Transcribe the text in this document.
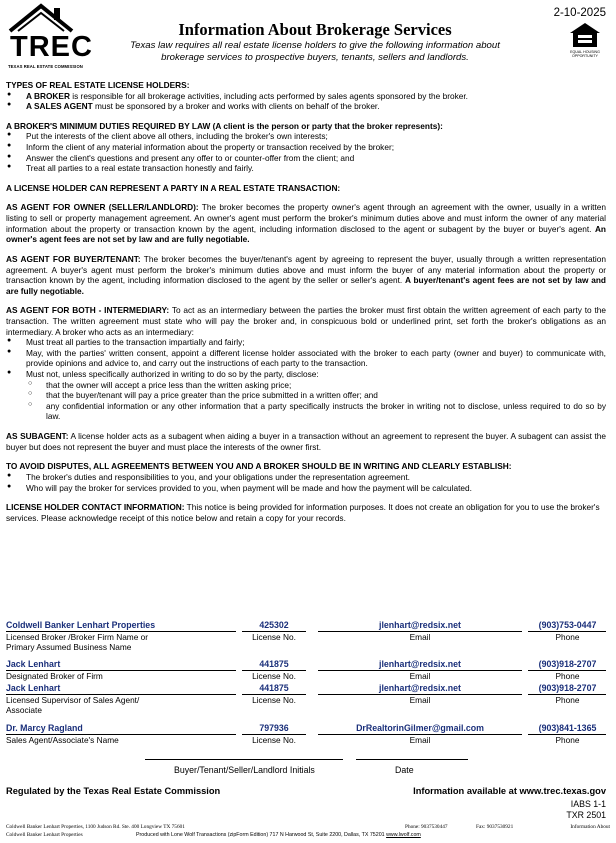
TREC
TEXAS REAL ESTATE COMMISSION
2-10-2025
Information About Brokerage Services
Texas law requires all real estate license holders to give the following information about
brokerage services to prospective buyers, tenants, sellers and landlords.	EQUAL HOUSING
OPPORTUNITY
TYPES OF REAL ESTATE LICENSE HOLDERS:
● A BROKER is responsible for all brokerage activities, including acts performed by sales agents sponsored by the broker.
● A SALES AGENT must be sponsored by a broker and works with clients on behalf of the broker.
A BROKER'S MINIMUM DUTIES REQUIRED BY LAW (A client is the person or party that the broker represents):
● Put the interests of the client above all others, including the broker's own interests;
● Inform the client of any material information about the property or transaction received by the broker;
● Answer the client's questions and present any offer to or counter-offer from the client; and
● Treat all parties to a real estate transaction honestly and fairly.
A LICENSE HOLDER CAN REPRESENT A PARTY IN A REAL ESTATE TRANSACTION:

AS AGENT FOR OWNER (SELLER/LANDLORD): The broker becomes the property owner's agent through an agreement with the owner, usually in a written listing to sell or property management agreement. An owner's agent must perform the broker's minimum duties above and must inform the owner of any material information about the property or transaction known by the agent, including information disclosed to the agent or subagent by the buyer or buyer's agent. An owner's agent fees are not set by law and are fully negotiable.

AS AGENT FOR BUYER/TENANT: The broker becomes the buyer/tenant's agent by agreeing to represent the buyer, usually through a written representation agreement. A buyer's agent must perform the broker's minimum duties above and must inform the buyer of any material information about the property or transaction known by the agent, including information disclosed to the agent by the seller or seller's agent. A buyer/tenant's agent fees are not set by law and are fully negotiable.

AS AGENT FOR BOTH - INTERMEDIARY: To act as an intermediary between the parties the broker must first obtain the written agreement of each party to the transaction. The written agreement must state who will pay the broker and, in conspicuous bold or underlined print, set forth the broker's obligations as an intermediary. A broker who acts as an intermediary:

● Must treat all parties to the transaction impartially and fairly;
● May, with the parties' written consent, appoint a different license holder associated with the broker to each party (owner and buyer) to communicate with, provide opinions and advice to, and carry out the instructions of each party to the transaction.
● Must not, unless specifically authorized in writing to do so by the party, disclose:
○ that the owner will accept a price less than the written asking price;
○ that the buyer/tenant will pay a price greater than the price submitted in a written offer; and
○ any confidential information or any other information that a party specifically instructs the broker in writing not to disclose, unless required to do so by law.

AS SUBAGENT: A license holder acts as a subagent when aiding a buyer in a transaction without an agreement to represent the buyer. A subagent can assist the buyer but does not represent the buyer and must place the interests of the owner first.

TO AVOID DISPUTES, ALL AGREEMENTS BETWEEN YOU AND A BROKER SHOULD BE IN WRITING AND CLEARLY ESTABLISH:
● The broker's duties and responsibilities to you, and your obligations under the representation agreement.
● Who will pay the broker for services provided to you, when payment will be made and how the payment will be calculated.

LICENSE HOLDER CONTACT INFORMATION: This notice is being provided for information purposes. It does not create an obligation for you to use the broker's services. Please acknowledge receipt of this notice below and retain a copy for your records.

Coldwell Banker Lenhart Properties	425302	jlenhart@redsix.net	(903)753-0447
Licensed Broker /Broker Firm Name or
Primary Assumed Business Name
License No.	Email	Phone
Jack Lenhart	441875	jlenhart@redsix.net	(903)918-2707
Designated Broker of Firm	License No.	Email	Phone
Jack Lenhart	441875	jlenhart@redsix.net	(903)918-2707
Licensed Supervisor of Sales Agent/
Associate
License No.	Email	Phone
Dr. Marcy Ragland	797936	DrRealtorinGilmer@gmail.com	(903)841-1365
Sales Agent/Associate's Name	License No.	Email	Phone
Buyer/Tenant/Seller/Landlord Initials	Date
Regulated by the Texas Real Estate Commission	Information available at www.trec.texas.gov
IABS 1-1
TXR 2501
Coldwell Banker Lenhart Properties, 1100 Judson Rd. Ste. 400 Longview TX 75601	Phone: 9037530447	Fax: 9037530921	Information About
Coldwell Banker Lenhart Properties	Produced with Lone Wolf Transactions (zipForm Edition) 717 N Harwood St, Suite 2200, Dallas, TX 75201 www.lwolf.com
